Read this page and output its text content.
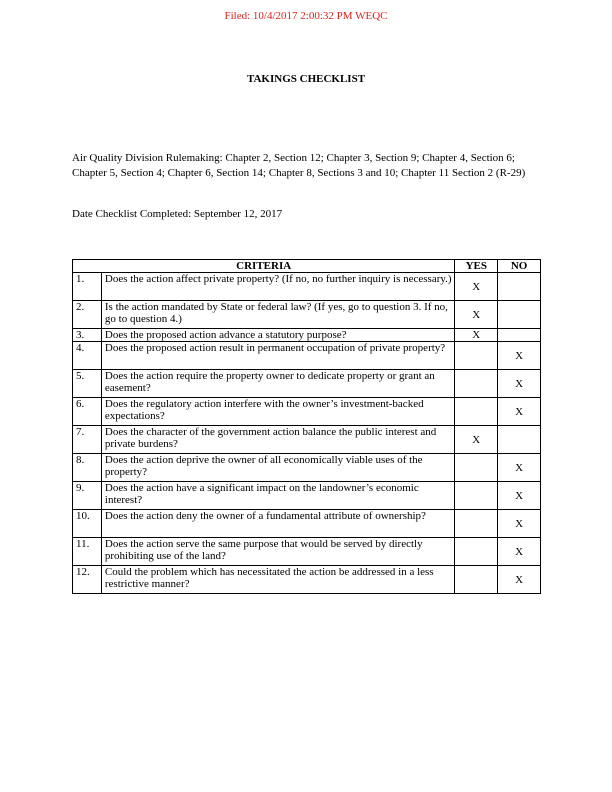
Filed: 10/4/2017 2:00:32 PM WEQC
TAKINGS CHECKLIST
Air Quality Division Rulemaking: Chapter 2, Section 12; Chapter 3, Section 9; Chapter 4, Section 6; Chapter 5, Section 4; Chapter 6, Section 14; Chapter 8, Sections 3 and 10; Chapter 11 Section 2 (R-29)
Date Checklist Completed: September 12, 2017
CRITERIA		YES	NO
1.	Does the action affect private property? (If no, no further inquiry is necessary.)	X	
2.	Is the action mandated by State or federal law? (If yes, go to question 3. If no, go to question 4.)	X	
3.	Does the proposed action advance a statutory purpose?	X	
4.	Does the proposed action result in permanent occupation of private property?		X
5.	Does the action require the property owner to dedicate property or grant an easement?		X
6.	Does the regulatory action interfere with the owner’s investment-backed expectations?		X
7.	Does the character of the government action balance the public interest and private burdens?	X	
8.	Does the action deprive the owner of all economically viable uses of the property?		X
9.	Does the action have a significant impact on the landowner’s economic interest?		X
10.	Does the action deny the owner of a fundamental attribute of ownership?		X
11.	Does the action serve the same purpose that would be served by directly prohibiting use of the land?		X
12.	Could the problem which has necessitated the action be addressed in a less restrictive manner?		X
